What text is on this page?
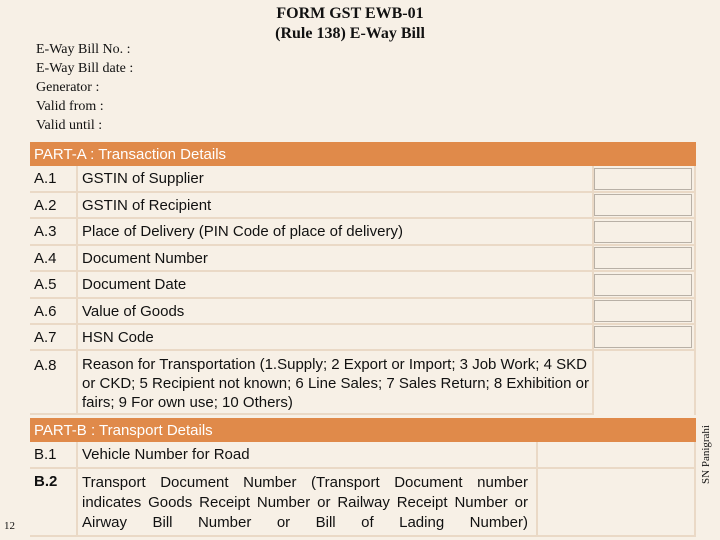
FORM GST EWB-01
(Rule 138) E-Way Bill
E-Way Bill No. :
E-Way Bill date :
Generator :
Valid from :
Valid until :
PART-A : Transaction Details
A.1	GSTIN of Supplier	

A.2	GSTIN of Recipient	

A.3	Place of Delivery (PIN Code of place of delivery)	

A.4	Document Number	

A.5	Document Date	

A.6	Value of Goods	

A.7	HSN Code	

A.8	Reason for Transportation (1.Supply; 2 Export or Import; 3 Job Work; 4 SKD or CKD; 5 Recipient not known; 6 Line Sales; 7 Sales Return; 8 Exhibition or fairs; 9 For own use; 10 Others)	
PART-B : Transport Details
B.1	Vehicle Number for Road	
B.2	Transport Document Number (Transport Document number indicates Goods Receipt Number or Railway Receipt Number or Airway Bill Number or Bill of Lading Number)	
SN Panigrahi
12
